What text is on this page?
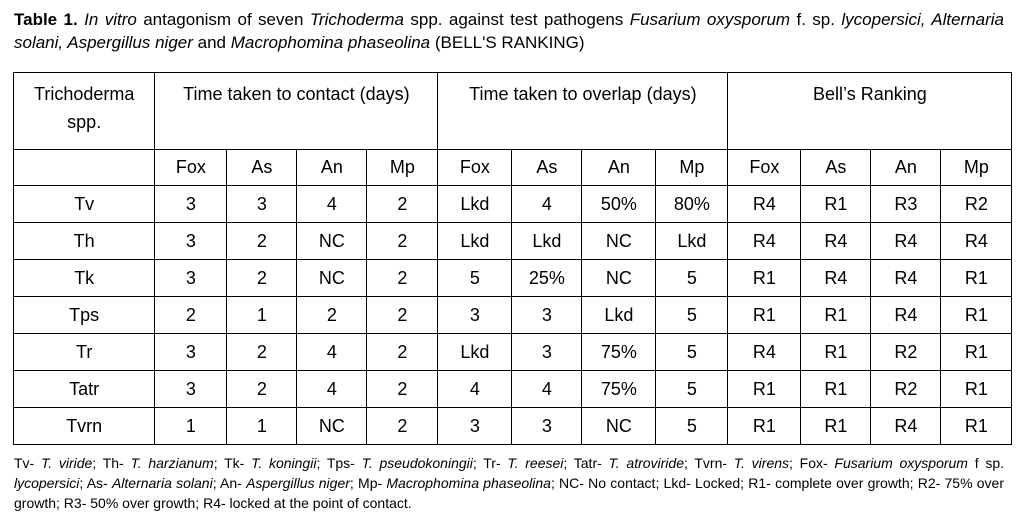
Table 1. In vitro antagonism of seven Trichoderma spp. against test pathogens Fusarium oxysporum f. sp. lycopersici, Alternaria solani, Aspergillus niger and Macrophomina phaseolina (BELL'S RANKING)
Trichoderma spp.	Time taken to contact (days)				Time taken to overlap (days)				Bell’s Ranking			
	Fox	As	An	Mp	Fox	As	An	Mp	Fox	As	An	Mp
Tv	3	3	4	2	Lkd	4	50%	80%	R4	R1	R3	R2
Th	3	2	NC	2	Lkd	Lkd	NC	Lkd	R4	R4	R4	R4
Tk	3	2	NC	2	5	25%	NC	5	R1	R4	R4	R1
Tps	2	1	2	2	3	3	Lkd	5	R1	R1	R4	R1
Tr	3	2	4	2	Lkd	3	75%	5	R4	R1	R2	R1
Tatr	3	2	4	2	4	4	75%	5	R1	R1	R2	R1
Tvrn	1	1	NC	2	3	3	NC	5	R1	R1	R4	R1
Tv- T. viride; Th- T. harzianum; Tk- T. koningii; Tps- T. pseudokoningii; Tr- T. reesei; Tatr- T. atroviride; Tvrn- T. virens; Fox- Fusarium oxysporum f sp. lycopersici; As- Alternaria solani; An- Aspergillus niger; Mp- Macrophomina phaseolina; NC- No contact; Lkd- Locked; R1- complete over growth; R2- 75% over growth; R3- 50% over growth; R4- locked at the point of contact.
